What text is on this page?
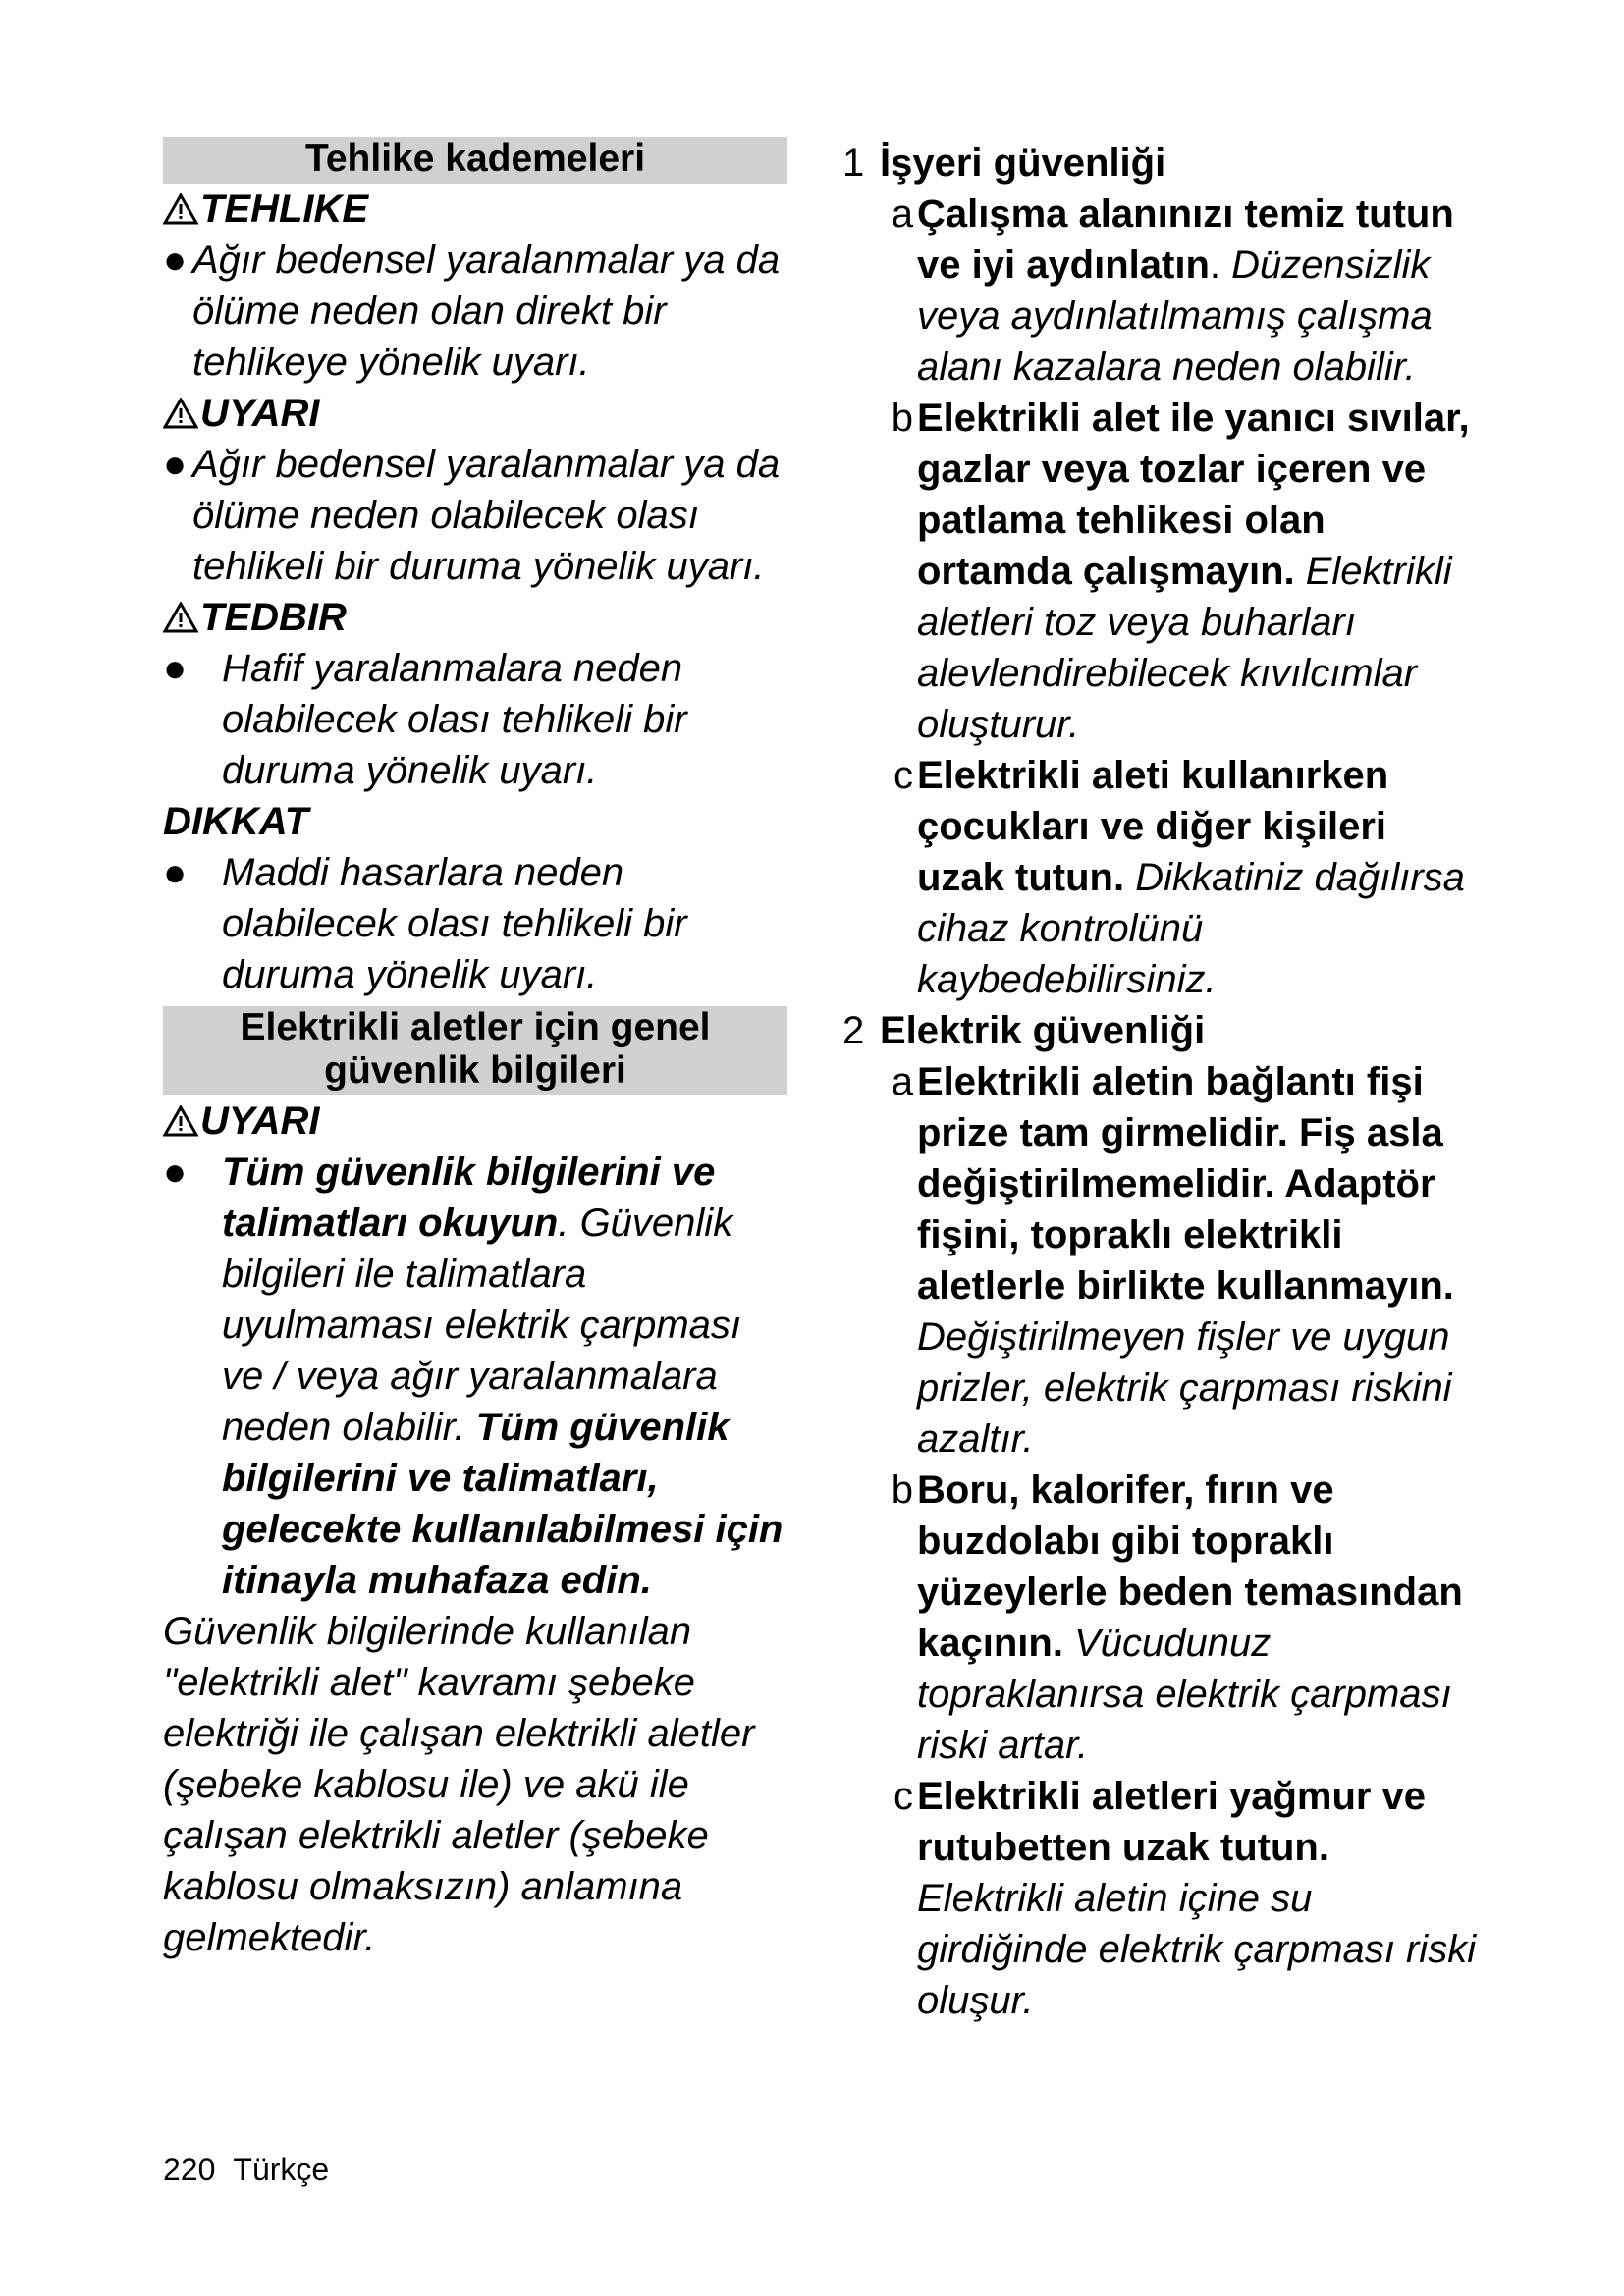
Tehlike kademeleri
TEHLIKE
● Ağır bedensel yaralanmalar ya da ölüme neden olan direkt bir tehlikeye yönelik uyarı.
UYARI
● Ağır bedensel yaralanmalar ya da ölüme neden olabilecek olası tehlikeli bir duruma yönelik uyarı.
TEDBIR
● Hafif yaralanmalara neden olabilecek olası tehlikeli bir duruma yönelik uyarı.
DIKKAT
● Maddi hasarlara neden olabilecek olası tehlikeli bir duruma yönelik uyarı.
Elektrikli aletler için genel güvenlik bilgileri
UYARI
● Tüm güvenlik bilgilerini ve talimatları okuyun. Güvenlik bilgileri ile talimatlara uyulmaması elektrik çarpması ve / veya ağır yaralanmalara neden olabilir. Tüm güvenlik bilgilerini ve talimatları, gelecekte kullanılabilmesi için itinayla muhafaza edin.
Güvenlik bilgilerinde kullanılan "elektrikli alet" kavramı şebeke elektriği ile çalışan elektrikli aletler (şebeke kablosu ile) ve akü ile çalışan elektrikli aletler (şebeke kablosu olmaksızın) anlamına gelmektedir.
1 İşyeri güvenliği
a Çalışma alanınızı temiz tutun ve iyi aydınlatın. Düzensizlik veya aydınlatılmamış çalışma alanı kazalara neden olabilir.
b Elektrikli alet ile yanıcı sıvılar, gazlar veya tozlar içeren ve patlama tehlikesi olan ortamda çalışmayın. Elektrikli aletleri toz veya buharları alevlendirebilecek kıvılcımlar oluşturur.
c Elektrikli aleti kullanırken çocukları ve diğer kişileri uzak tutun. Dikkatiniz dağılırsa cihaz kontrolünü kaybedebilirsiniz.
2 Elektrik güvenliği
a Elektrikli aletin bağlantı fişi prize tam girmelidir. Fiş asla değiştirilmemelidir. Adaptör fişini, topraklı elektrikli aletlerle birlikte kullanmayın. Değiştirilmeyen fişler ve uygun prizler, elektrik çarpması riskini azaltır.
b Boru, kalorifer, fırın ve buzdolabı gibi topraklı yüzeylerle beden temasından kaçının. Vücudunuz topraklanırsa elektrik çarpması riski artar.
c Elektrikli aletleri yağmur ve rutubetten uzak tutun. Elektrikli aletin içine su girdiğinde elektrik çarpması riski oluşur.
220 Türkçe
